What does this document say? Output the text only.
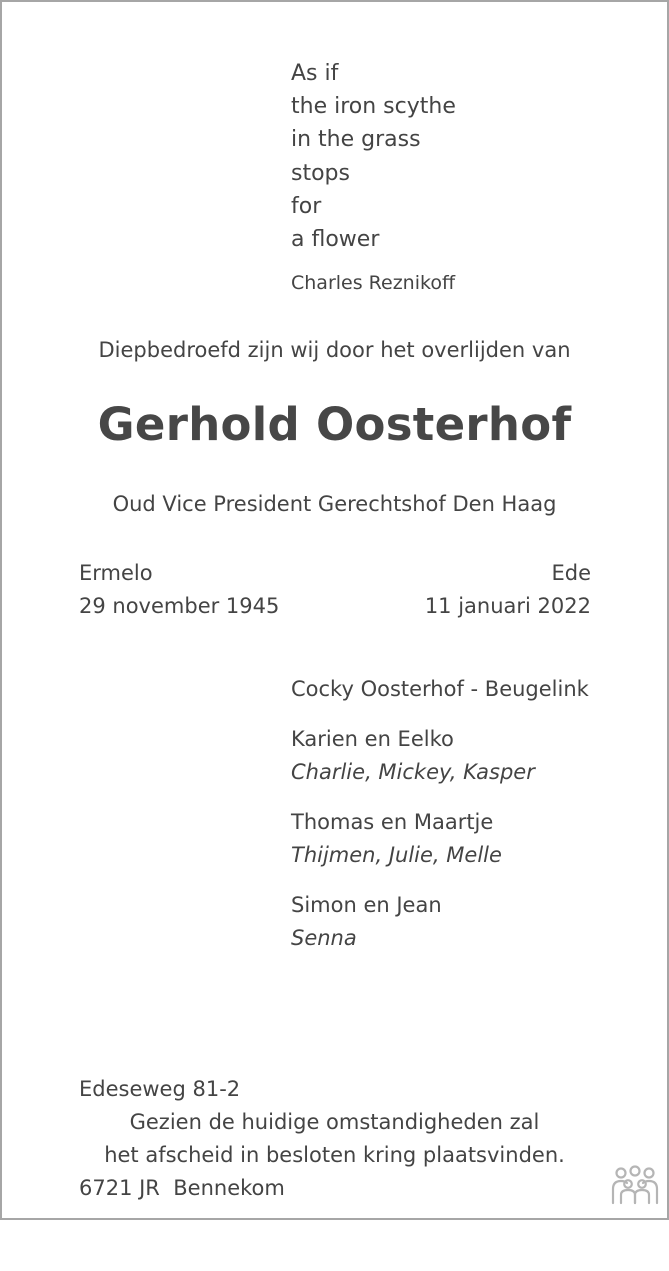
As if
the iron scythe
in the grass
stops
for
a flower
Charles Reznikoff
Diepbedroefd zijn wij door het overlijden van
Gerhold Oosterhof
Oud Vice President Gerechtshof Den Haag
Ermelo
29 november 1945
Ede
11 januari 2022
Cocky Oosterhof - Beugelink
Karien en Eelko
Charlie, Mickey, Kasper
Thomas en Maartje
Thijmen, Julie, Melle
Simon en Jean
Senna

Edeseweg 81-2

6721 JR  Bennekom

Gezien de huidige omstandigheden zal
het afscheid in besloten kring plaatsvinden.
